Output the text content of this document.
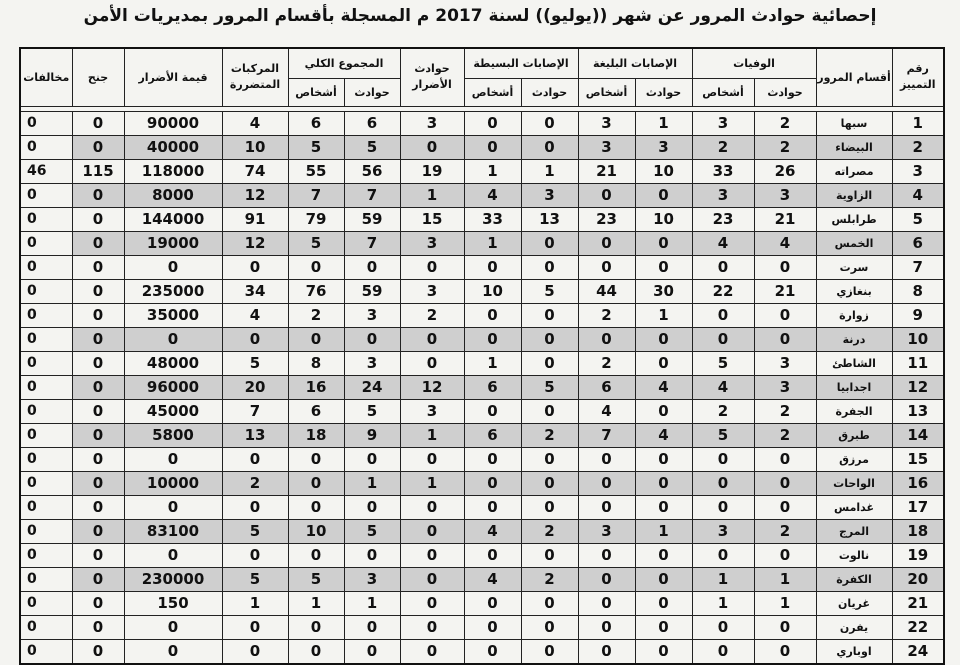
إحصائية حوادث المرور عن شهر ((يوليو)) لسنة 2017 م المسجلة بأقسام المرور بمديريات الأمن
رقم التمييز	أقسام المرور	الوفيات		الإصابات البليغة		الإصابات البسيطة		حوادث الأضرار	المجموع الكلي		المركبات المتضررة	قيمة الأضرار	جنح	مخالفات
		حوادث	أشخاص	حوادث	أشخاص	حوادث	أشخاص		حوادث	أشخاص				

1	سبها	2	3	1	3	0	0	3	6	6	4	90000	0	0
2	البيضاء	2	2	3	3	0	0	0	5	5	10	40000	0	0
3	مصراته	26	33	10	21	1	1	19	56	55	74	118000	115	46
4	الزاوية	3	3	0	0	3	4	1	7	7	12	8000	0	0
5	طرابلس	21	23	10	23	13	33	15	59	79	91	144000	0	0
6	الخمس	4	4	0	0	0	1	3	7	5	12	19000	0	0
7	سرت	0	0	0	0	0	0	0	0	0	0	0	0	0
8	بنغازي	21	22	30	44	5	10	3	59	76	34	235000	0	0
9	زوارة	0	0	1	2	0	0	2	3	2	4	35000	0	0
10	درنة	0	0	0	0	0	0	0	0	0	0	0	0	0
11	الشاطئ	3	5	0	2	0	1	0	3	8	5	48000	0	0
12	اجدابيا	3	4	4	6	5	6	12	24	16	20	96000	0	0
13	الجفرة	2	2	0	4	0	0	3	5	6	7	45000	0	0
14	طبرق	2	5	4	7	2	6	1	9	18	13	5800	0	0
15	مرزق	0	0	0	0	0	0	0	0	0	0	0	0	0
16	الواحات	0	0	0	0	0	0	1	1	0	2	10000	0	0
17	غدامس	0	0	0	0	0	0	0	0	0	0	0	0	0
18	المرج	2	3	1	3	2	4	0	5	10	5	83100	0	0
19	نالوت	0	0	0	0	0	0	0	0	0	0	0	0	0
20	الكفرة	1	1	0	0	2	4	0	3	5	5	230000	0	0
21	غريان	1	1	0	0	0	0	0	1	1	1	150	0	0
22	يفرن	0	0	0	0	0	0	0	0	0	0	0	0	0
24	اوباري	0	0	0	0	0	0	0	0	0	0	0	0	0
